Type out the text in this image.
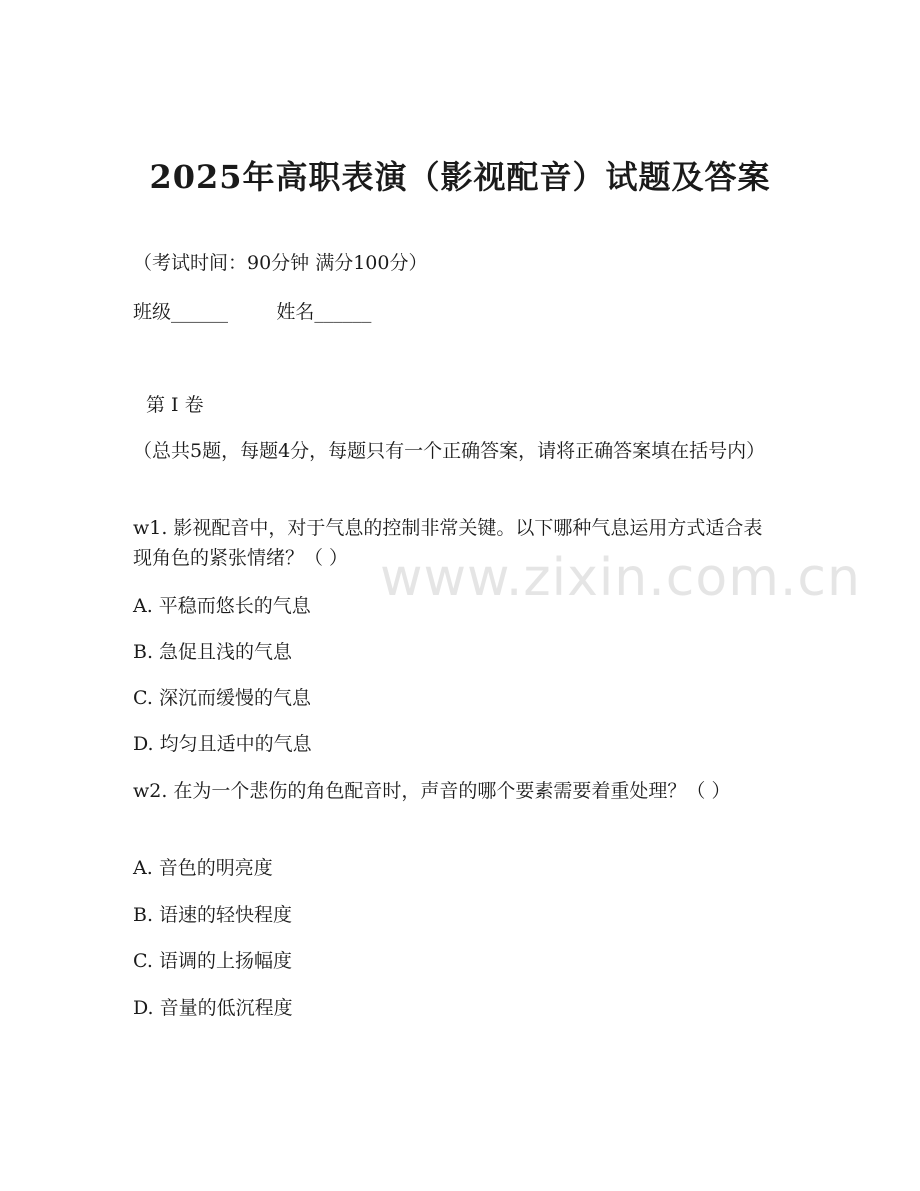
2025年高职表演（影视配音）试题及答案
（考试时间：90分钟 满分100分）
班级______        姓名______
第 I 卷
（总共5题，每题4分，每题只有一个正确答案，请将正确答案填在括号内）
w1. 影视配音中，对于气息的控制非常关键。以下哪种气息运用方式适合表现角色的紧张情绪？（ ）
A. 平稳而悠长的气息
B. 急促且浅的气息
C. 深沉而缓慢的气息
D. 均匀且适中的气息
w2. 在为一个悲伤的角色配音时，声音的哪个要素需要着重处理？（ ）
A. 音色的明亮度
B. 语速的轻快程度
C. 语调的上扬幅度
D. 音量的低沉程度
www.zixin.com.cn
